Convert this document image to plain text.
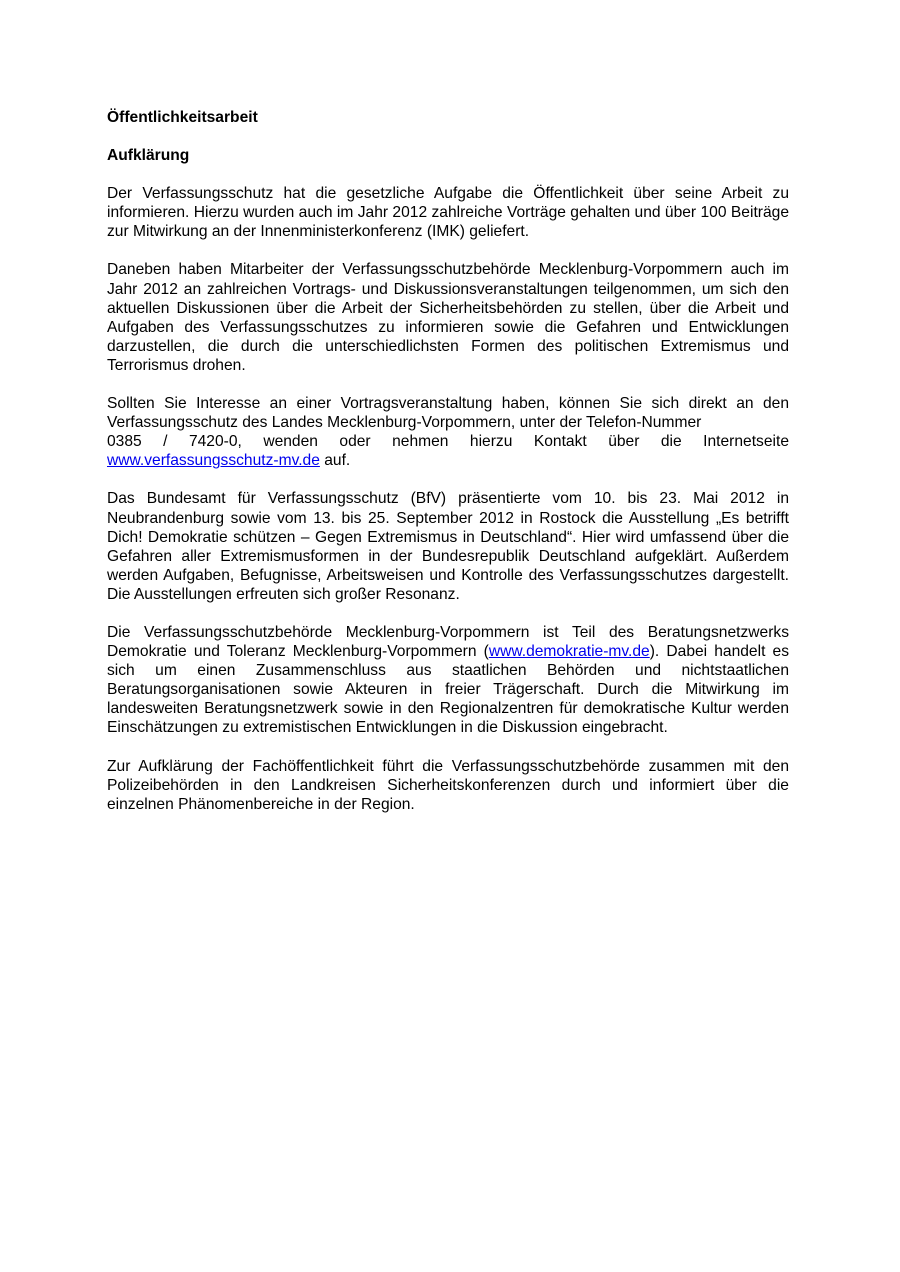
Öffentlichkeitsarbeit
Aufklärung

Der Verfassungsschutz hat die gesetzliche Aufgabe die Öffentlichkeit über seine Arbeit zu informieren. Hierzu wurden auch im Jahr 2012 zahlreiche Vorträge gehalten und über 100 Beiträge zur Mitwirkung an der Innenministerkonferenz (IMK) geliefert.

Daneben haben Mitarbeiter der Verfassungsschutzbehörde Mecklenburg-Vorpommern auch im Jahr 2012 an zahlreichen Vortrags- und Diskussionsveranstaltungen teilgenommen, um sich den aktuellen Diskussionen über die Arbeit der Sicherheitsbehörden zu stellen, über die Arbeit und Aufgaben des Verfassungsschutzes zu informieren sowie die Gefahren und Entwicklungen darzustellen, die durch die unterschiedlichsten Formen des politischen Extremismus und Terrorismus drohen.

Sollten Sie Interesse an einer Vortragsveranstaltung haben, können Sie sich direkt an den Verfassungsschutz des Landes Mecklenburg-Vorpommern, unter der Telefon-Nummer
0385 / 7420-0, wenden oder nehmen hierzu Kontakt über die Internetseite www.verfassungsschutz-mv.de auf.

Das Bundesamt für Verfassungsschutz (BfV) präsentierte vom 10. bis 23. Mai 2012 in Neubrandenburg sowie vom 13. bis 25. September 2012 in Rostock die Ausstellung „Es betrifft Dich! Demokratie schützen – Gegen Extremismus in Deutschland“. Hier wird umfassend über die Gefahren aller Extremismusformen in der Bundesrepublik Deutschland aufgeklärt. Außerdem werden Aufgaben, Befugnisse, Arbeitsweisen und Kontrolle des Verfassungsschutzes dargestellt. Die Ausstellungen erfreuten sich großer Resonanz.

Die Verfassungsschutzbehörde Mecklenburg-Vorpommern ist Teil des Beratungsnetzwerks Demokratie und Toleranz Mecklenburg-Vorpommern (www.demokratie-mv.de). Dabei handelt es sich um einen Zusammenschluss aus staatlichen Behörden und nichtstaatlichen Beratungsorganisationen sowie Akteuren in freier Trägerschaft. Durch die Mitwirkung im landesweiten Beratungsnetzwerk sowie in den Regionalzentren für demokratische Kultur werden Einschätzungen zu extremistischen Entwicklungen in die Diskussion eingebracht.

Zur Aufklärung der Fachöffentlichkeit führt die Verfassungsschutzbehörde zusammen mit den Polizeibehörden in den Landkreisen Sicherheitskonferenzen durch und informiert über die einzelnen Phänomenbereiche in der Region.
